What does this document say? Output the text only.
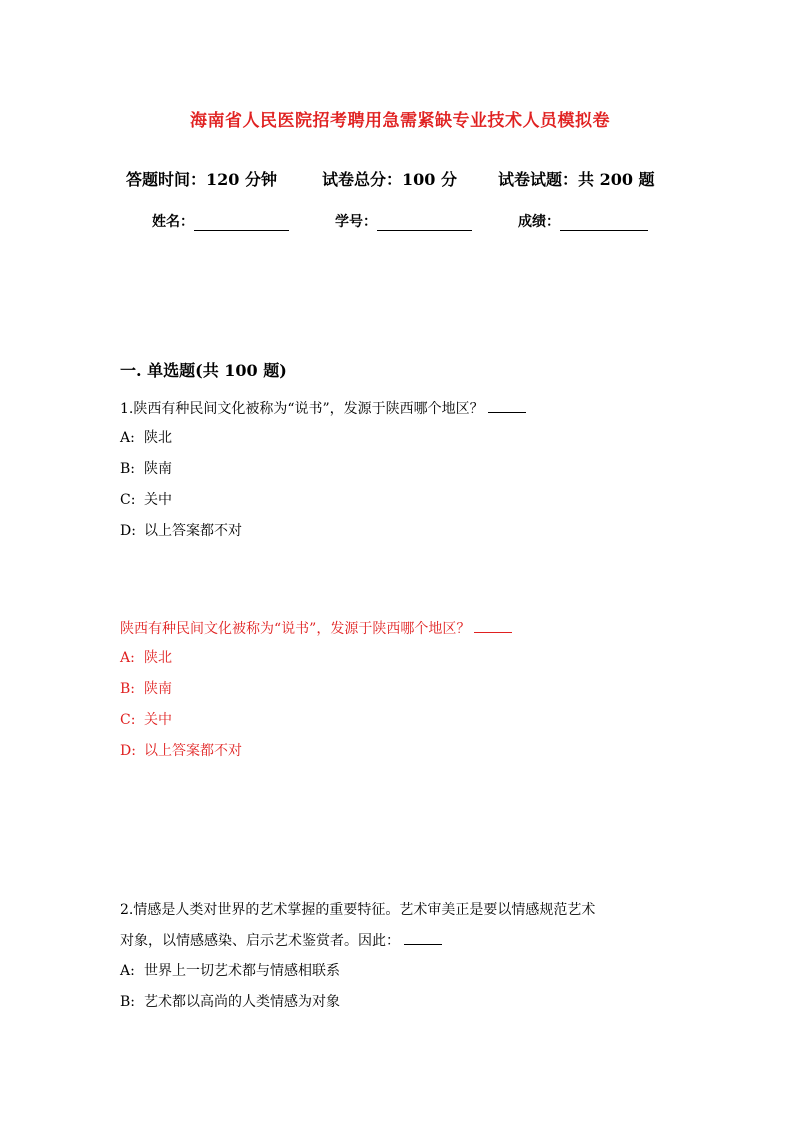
海南省人民医院招考聘用急需紧缺专业技术人员模拟卷
答题时间：120 分钟	试卷总分：100 分	试卷试题：共 200 题
姓名：	学号：	成绩：
一. 单选题(共 100 题)
1.陕西有种民间文化被称为“说书”，发源于陕西哪个地区？
A: 陕北
B: 陕南
C: 关中
D: 以上答案都不对
陕西有种民间文化被称为“说书”，发源于陕西哪个地区？
A: 陕北
B: 陕南
C: 关中
D: 以上答案都不对
2.情感是人类对世界的艺术掌握的重要特征。艺术审美正是要以情感规范艺术
对象，以情感感染、启示艺术鉴赏者。因此：
A: 世界上一切艺术都与情感相联系
B: 艺术都以高尚的人类情感为对象
